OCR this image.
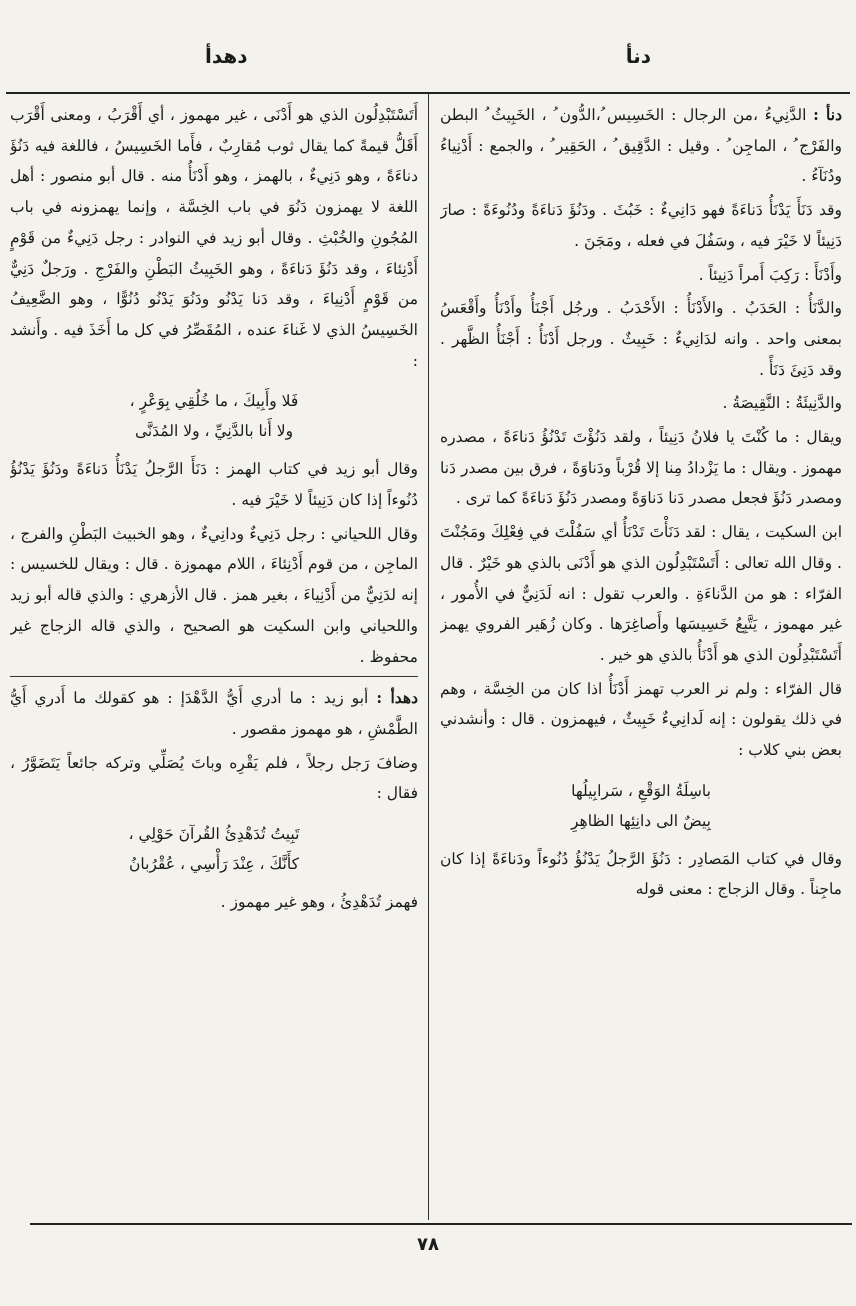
دنأ
دهدأ

دنأ : الدَّنِيءُ ،من الرجال : الخَسِيس ُ،الدُّون ُ ، الخَبِيثُ ُ البطن والفَرْج ُ ، الماجِن ُ . وقيل : الدَّقِيق ُ ، الحَقِير ُ ، والجمع : أَدْنِياءُ ودُنَآءُ .

وقد دَنَأَ يَدْنَأُ دَناءَةً فهو دَانِيءٌ : خَبُثَ . ودَنُؤَ دَناءَةً ودُنُوءَةً : صارَ دَنِيئاً لا خَيْرَ فيه ، وسَفُلَ في فعله ، ومَجَنَ .

وأَدْنَأَ : رَكِبَ أَمراً دَنِيئاً .

والدَّنَأُ : الحَدَبُ . والأَدْنَأُ : الأَحْدَبُ . ورجُل أَجْنَأُ وأَدْنَأُ وأَقْعَسُ بمعنى واحد . وانه لدَانِيءٌ : خَبِيثٌ . ورجل أَدْنَأُ : أَجْنَأُ الظَّهر . وقد دَنِئَ دَنَأً .

والدَّنِيئَةُ : النَّقِيصَةُ .

ويقال : ما كُنْتَ يا فلانُ دَنِيئاً ، ولقد دَنُؤْتَ تَدْنُؤُ دَناءَةً ، مصدره مهموز . ويقال : ما يَزْدادُ مِنا إلا قُرْباً ودَناوَةً ، فرق بين مصدر دَنا ومصدر دَنُؤَ فجعل مصدر دَنا دَناوَةً ومصدر دَنُؤَ دَناءَةً كما ترى .

ابن السكيت ، يقال : لقد دَنَأْتَ تَدْنَأُ أي سَفُلْتَ في فِعْلِكَ ومَجُنْتَ . وقال الله تعالى : أَتَسْتَبْدِلُون الذي هو أَدْنَى بالذي هو خَيْرٌ . قال الفرّاء : هو من الدَّناءَةِ . والعرب تقول : انه لَدَنِيٌّ في الأُمور ، غير مهموز ، يَتَّبِعُ خَسِيسَها وأَصاغِرَها . وكان زُهَير الفروي يهمز أَتَسْتَبْدِلُون الذي هو أَدْنَأُ بالذي هو خير .

قال الفرّاء : ولم نر العرب تهمز أَدْنَأُ اذا كان من الخِسَّة ، وهم في ذلك يقولون : إنه لَدانِيءٌ خَبِيثٌ ، فيهمزون . قال : وأنشدني بعض بني كلاب :

باسِلَةُ الوَقْعِ ، سَرابِيلُها
بِيضٌ الى دانِئِها الظاهِرِ

وقال في كتاب المَصادِر : دَنُؤَ الرَّجلُ يَدْنُؤُ دُنُوءاً ودَناءَةً إذا كان ماجِناً . وقال الزجاج : معنى قوله

أَتَسْتَبْدِلُون الذي هو أَدْنَى ، غير مهموز ، أي أَقْرَبُ ، ومعنى أَقْرَب أَقَلُّ قيمةً كما يقال ثوب مُقارِبٌ ، فأَما الخَسِيسُ ، فاللغة فيه دَنُؤَ دناءَةً ، وهو دَنِيءٌ ، بالهمز ، وهو أَدْنَأُ منه . قال أبو منصور : أهل اللغة لا يهمزون دَنُوَ في باب الخِسَّة ، وإنما يهمزونه في باب المُجُونِ والخُبْثِ . وقال أبو زيد في النوادر : رجل دَنِيءٌ من قَوْمٍ أَدْنِئاءَ ، وقد دَنُؤَ دَناءَةً ، وهو الخَبِيثُ البَطْنِ والفَرْجِ . ورَجلٌ دَنِيٌّ من قَوْمٍ أَدْنِياءَ ، وقد دَنا يَدْنُو ودَنُوَ يَدْنُو دُنُوًّا ، وهو الضَّعِيفُ الخَسِيسُ الذي لا غَناءَ عنده ، المُقَصِّرُ في كل ما أَخَذَ فيه . وأَنشد :

فَلا وأَبِيكَ ، ما خُلُقِي بِوَعْرٍ ،
ولا أَنا بالدَّنِيِّ ، ولا المُدَنَّى

وقال أبو زيد في كتاب الهمز : دَنَأَ الرَّجلُ يَدْنَأُ دَناءَةً ودَنُؤَ يَدْنُؤُ دُنُوءاً إذا كان دَنِيئاً لا خَيْرَ فيه .

وقال اللحياني : رجل دَنِيءٌ ودانِيءٌ ، وهو الخبيث البَطْنِ والفرج ، الماجِن ، من قوم أَدْنِئاءَ ، اللام مهموزة . قال : ويقال للخسيس : إنه لدَنِيٌّ من أَدْنِياءَ ، بغير همز . قال الأزهري : والذي قاله أبو زيد واللحياني وابن السكيت هو الصحيح ، والذي قاله الزجاج غير محفوظ .

دهدأ : أبو زيد : ما أدري أَيُّ الدَّهْدَإ : هو كقولك ما أَدري أَيُّ الطَّمْشِ ، هو مهموز مقصور .

وضافَ رَجل رجلاً ، فلم يَقْرِه وباتَ يُصَلِّي وتركه جائعاً يَتَضَوَّرُ ، فقال :

تَبِيتُ تُدَهْدِئُ القُرآنَ حَوْلِي ،
كأَنَّكَ ، عِنْدَ رَأْسِي ، عُقْرُبانُ

فهمز تُدَهْدِئُ ، وهو غير مهموز .

٧٨
